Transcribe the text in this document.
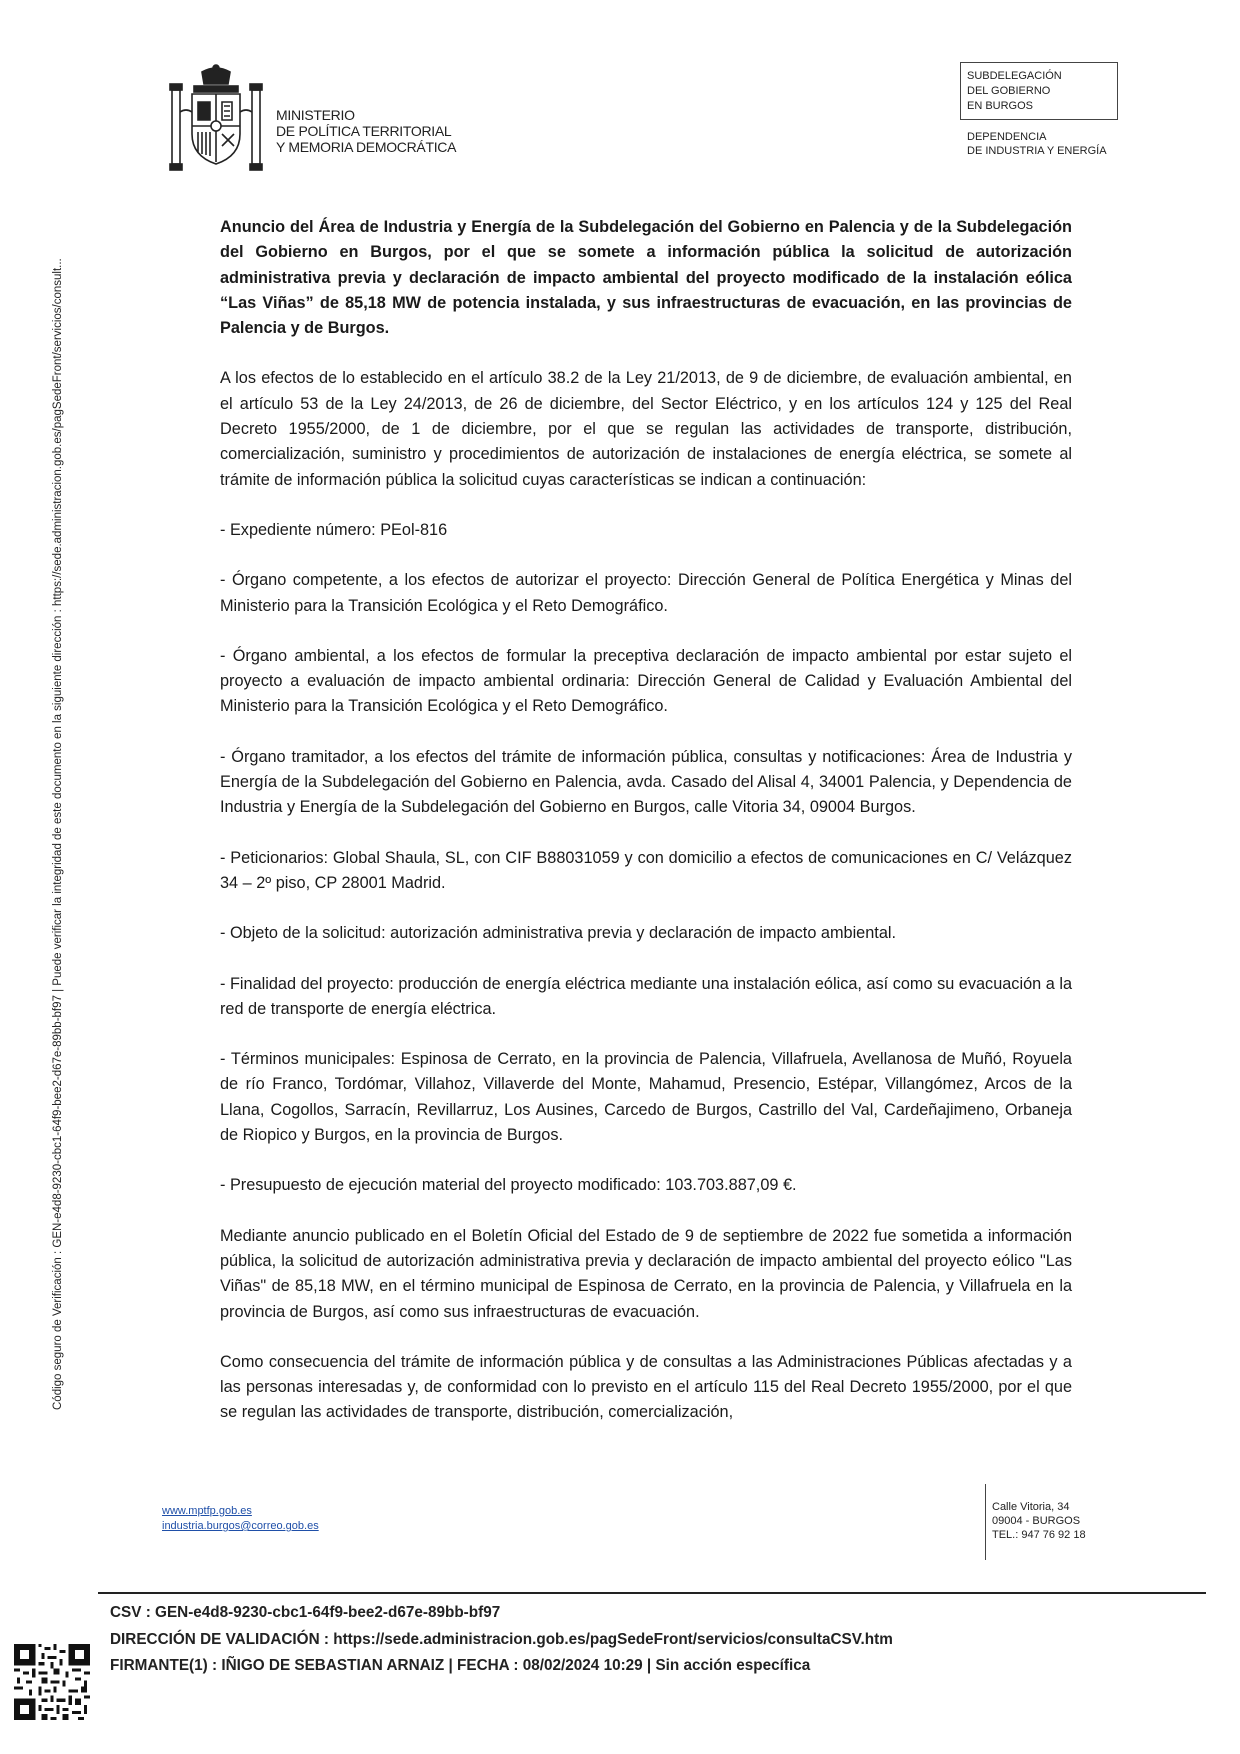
Código seguro de Verificación : GEN-e4d8-9230-cbc1-64f9-bee2-d67e-89bb-bf97 | Puede verificar la integridad de este documento en la siguiente dirección : https://sede.administracion.gob.es/pagSedeFront/servicios/consult...
MINISTERIO
DE POLÍTICA TERRITORIAL
Y MEMORIA DEMOCRÁTICA
SUBDELEGACIÓN
DEL GOBIERNO
EN BURGOS
DEPENDENCIA
DE INDUSTRIA Y ENERGÍA

Anuncio del Área de Industria y Energía de la Subdelegación del Gobierno en Palencia y de la Subdelegación del Gobierno en Burgos, por el que se somete a información pública la solicitud de autorización administrativa previa y declaración de impacto ambiental del proyecto modificado de la instalación eólica “Las Viñas” de 85,18 MW de potencia instalada, y sus infraestructuras de evacuación, en las provincias de Palencia y de Burgos.

A los efectos de lo establecido en el artículo 38.2 de la Ley 21/2013, de 9 de diciembre, de evaluación ambiental, en el artículo 53 de la Ley 24/2013, de 26 de diciembre, del Sector Eléctrico, y en los artículos 124 y 125 del Real Decreto 1955/2000, de 1 de diciembre, por el que se regulan las actividades de transporte, distribución, comercialización, suministro y procedimientos de autorización de instalaciones de energía eléctrica, se somete al trámite de información pública la solicitud cuyas características se indican a continuación:

- Expediente número: PEol-816

- Órgano competente, a los efectos de autorizar el proyecto: Dirección General de Política Energética y Minas del Ministerio para la Transición Ecológica y el Reto Demográfico.

- Órgano ambiental, a los efectos de formular la preceptiva declaración de impacto ambiental por estar sujeto el proyecto a evaluación de impacto ambiental ordinaria: Dirección General de Calidad y Evaluación Ambiental del Ministerio para la Transición Ecológica y el Reto Demográfico.

- Órgano tramitador, a los efectos del trámite de información pública, consultas y notificaciones: Área de Industria y Energía de la Subdelegación del Gobierno en Palencia, avda. Casado del Alisal 4, 34001 Palencia, y Dependencia de Industria y Energía de la Subdelegación del Gobierno en Burgos, calle Vitoria 34, 09004 Burgos.

- Peticionarios: Global Shaula, SL, con CIF B88031059 y con domicilio a efectos de comunicaciones en C/ Velázquez 34 – 2º piso, CP 28001 Madrid.

- Objeto de la solicitud: autorización administrativa previa y declaración de impacto ambiental.

- Finalidad del proyecto: producción de energía eléctrica mediante una instalación eólica, así como su evacuación a la red de transporte de energía eléctrica.

- Términos municipales: Espinosa de Cerrato, en la provincia de Palencia, Villafruela, Avellanosa de Muñó, Royuela de río Franco, Tordómar, Villahoz, Villaverde del Monte, Mahamud, Presencio, Estépar, Villangómez, Arcos de la Llana, Cogollos, Sarracín, Revillarruz, Los Ausines, Carcedo de Burgos, Castrillo del Val, Cardeñajimeno, Orbaneja de Riopico y Burgos, en la provincia de Burgos.

- Presupuesto de ejecución material del proyecto modificado: 103.703.887,09 €.

Mediante anuncio publicado en el Boletín Oficial del Estado de 9 de septiembre de 2022 fue sometida a información pública, la solicitud de autorización administrativa previa y declaración de impacto ambiental del proyecto eólico "Las Viñas" de 85,18 MW, en el término municipal de Espinosa de Cerrato, en la provincia de Palencia, y Villafruela en la provincia de Burgos, así como sus infraestructuras de evacuación.

Como consecuencia del trámite de información pública y de consultas a las Administraciones Públicas afectadas y a las personas interesadas y, de conformidad con lo previsto en el artículo 115 del Real Decreto 1955/2000, por el que se regulan las actividades de transporte, distribución, comercialización,

www.mptfp.gob.es
industria.burgos@correo.gob.es
Calle Vitoria, 34
09004 - BURGOS
TEL.: 947 76 92 18
CSV : GEN-e4d8-9230-cbc1-64f9-bee2-d67e-89bb-bf97
DIRECCIÓN DE VALIDACIÓN : https://sede.administracion.gob.es/pagSedeFront/servicios/consultaCSV.htm
FIRMANTE(1) : IÑIGO DE SEBASTIAN ARNAIZ | FECHA : 08/02/2024 10:29 | Sin acción específica
